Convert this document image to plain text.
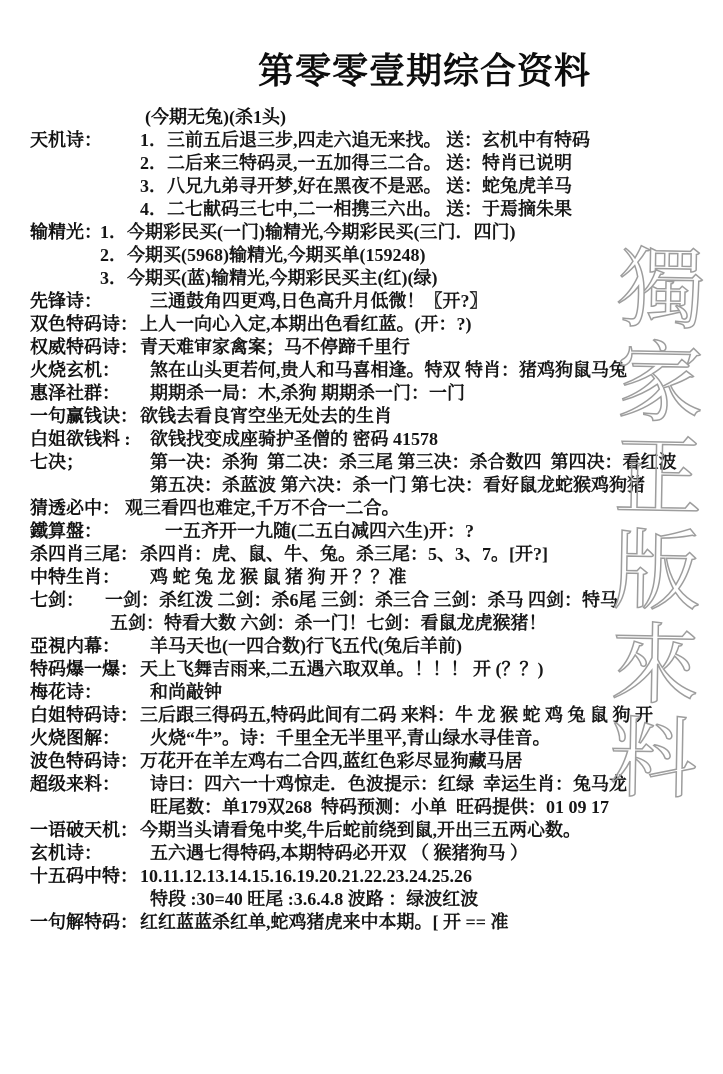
獨家正版來料
第零零壹期综合资料
(今期无兔)(杀1头)
天机诗： 1．三前五后退三步,四走六追无来找。 送：玄机中有特码
2．二后来三特码灵,一五加得三二合。 送：特肖已说明
3．八兄九弟寻开梦,好在黑夜不是恶。 送：蛇兔虎羊马
4．二七献码三七中,二一相携三六出。 送：于焉摘朱果
输精光：
1．今期彩民买(一门)输精光,今期彩民买(三门．四门)
2．今期买(5968)输精光,今期买单(159248)
3．今期买(蓝)输精光,今期彩民买主(红)(绿)
先锋诗：	三通鼓角四更鸡,日色高升月低微！〖开?〗
双色特码诗： 上人一向心入定,本期出色看红蓝。(开：?)
权威特码诗： 青天难审家禽案；马不停蹄千里行
火烧玄机： 煞在山头更若何,贵人和马喜相逢。特双 特肖：猪鸡狗鼠马兔
惠泽社群： 期期杀一局：木,杀狗 期期杀一门：一门
一句赢钱诀： 欲钱去看良宵空坐无处去的生肖
白姐欲钱料 : 欲钱找变成座骑护圣僧的 密码 41578
七决；	第一决：杀狗  第二决：杀三尾 第三决：杀合数四  第四决：看红波
第五决：杀蓝波 第六决：杀一门 第七决：看好鼠龙蛇猴鸡狗猪
猜透必中： 观三看四也难定,千万不合一二合。
鐵算盤：	一五齐开一九随(二五白减四六生)开：?
杀四肖三尾： 杀四肖：虎、鼠、牛、兔。杀三尾：5、3、7。[开?]
中特生肖： 鸡 蛇 兔 龙 猴 鼠 猪 狗 开 ？？准
七剑： 一剑：杀红泼 二剑：杀6尾 三剑：杀三合 三剑：杀马 四剑：特马
五剑：特看大数 六剑：杀一门！七剑：看鼠龙虎猴猪！
亞視内幕： 羊马天也(一四合数)行飞五代(兔后羊前)
特码爆一爆： 天上飞舞吉雨来,二五遇六取双单。！！！ 开 (？？)
梅花诗：	和尚敲钟
白姐特码诗： 三后跟三得码五,特码此间有二码 来料：牛 龙 猴 蛇 鸡 兔 鼠 狗 开
火烧图解： 火烧“牛”。诗：千里全无半里平,青山绿水寻佳音。
波色特码诗： 万花开在羊左鸡右二合四,蓝红色彩尽显狗藏马居
超级来料： 诗曰：四六一十鸡惊走．色波提示：红绿  幸运生肖：兔马龙
旺尾数：单179双268  特码预测：小单  旺码提供：01 09 17
一语破天机： 今期当头请看兔中奖,牛后蛇前绕到鼠,开出三五两心数。
玄机诗：	五六遇七得特码,本期特码必开双 （ 猴猪狗马 ）
十五码中特： 10.11.12.13.14.15.16.19.20.21.22.23.24.25.26
特段 :30=40 旺尾 :3.6.4.8 波路 ：绿波红波
一句解特码： 红红蓝蓝杀红单,蛇鸡猪虎来中本期。[ 开 == 准
